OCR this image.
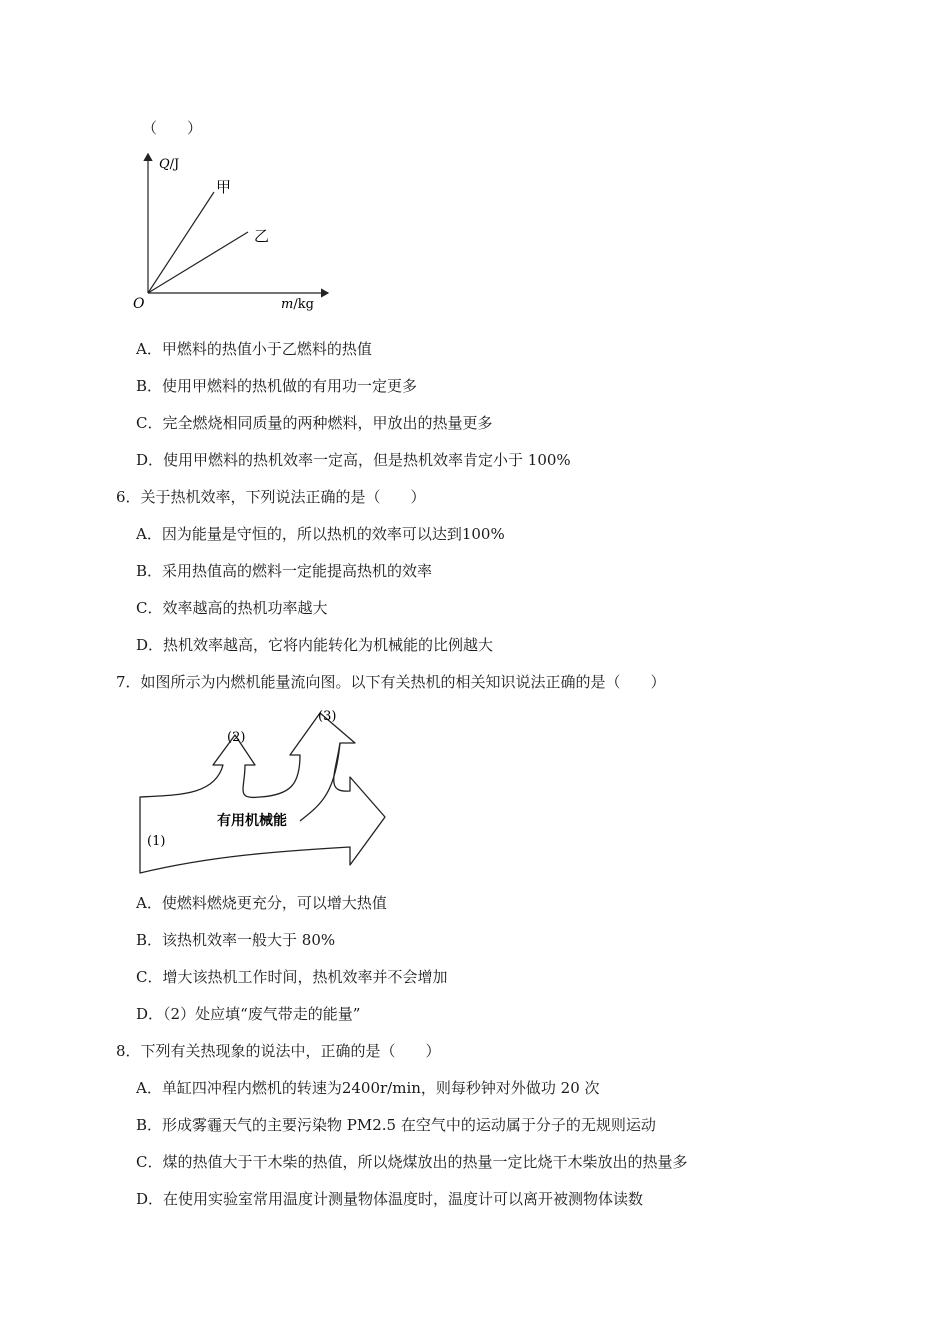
（　　）
Q/J
m/kg
O
甲
乙
A．甲燃料的热值小于乙燃料的热值
B．使用甲燃料的热机做的有用功一定更多
C．完全燃烧相同质量的两种燃料，甲放出的热量更多
D．使用甲燃料的热机效率一定高，但是热机效率肯定小于 100%
6．关于热机效率，下列说法正确的是（　　）
A．因为能量是守恒的，所以热机的效率可以达到100%
B．采用热值高的燃料一定能提高热机的效率
C．效率越高的热机功率越大
D．热机效率越高，它将内能转化为机械能的比例越大
7．如图所示为内燃机能量流向图。以下有关热机的相关知识说法正确的是（　　）
(1)
(2)
(3)
有用机械能
A．使燃料燃烧更充分，可以增大热值
B．该热机效率一般大于 80%
C．增大该热机工作时间，热机效率并不会增加
D．（2）处应填“废气带走的能量”
8．下列有关热现象的说法中，正确的是（　　）
A．单缸四冲程内燃机的转速为2400r/min，则每秒钟对外做功 20 次
B．形成雾霾天气的主要污染物 PM2.5 在空气中的运动属于分子的无规则运动
C．煤的热值大于干木柴的热值，所以烧煤放出的热量一定比烧干木柴放出的热量多
D．在使用实验室常用温度计测量物体温度时，温度计可以离开被测物体读数
